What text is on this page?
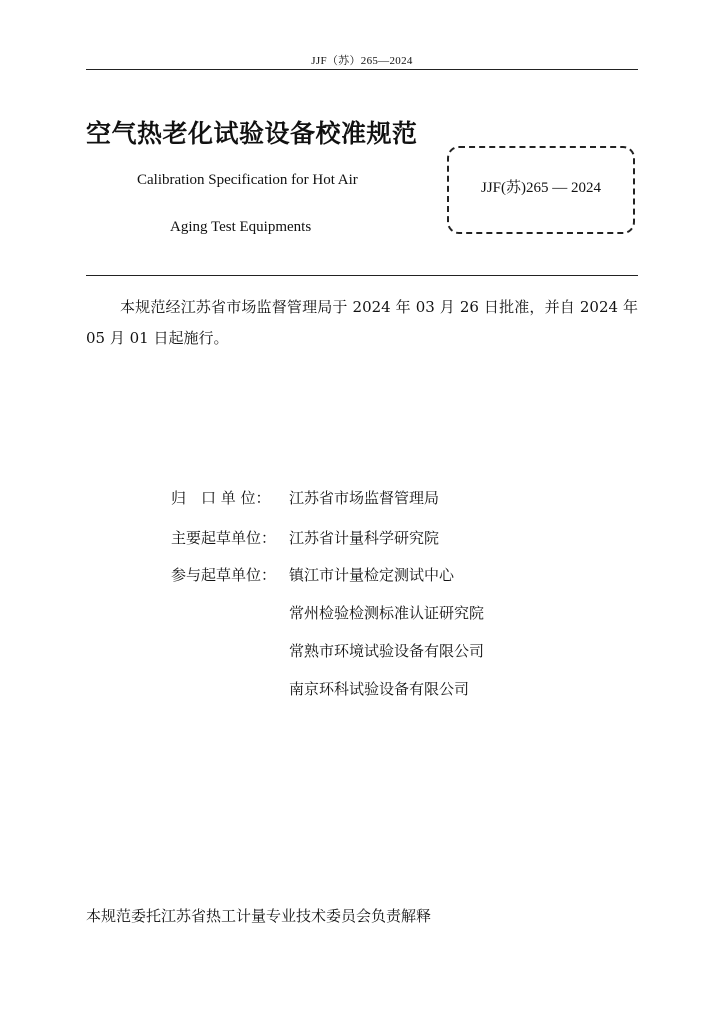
JJF（苏）265—2024
空气热老化试验设备校准规范
Calibration Specification for Hot Air
Aging Test Equipments
JJF(苏)265 — 2024
本规范经江苏省市场监督管理局于 2024 年 03 月 26 日批准，并自 2024 年 05 月 01 日起施行。
归　口 单 位： 江苏省市场监督管理局
主要起草单位： 江苏省计量科学研究院
参与起草单位： 镇江市计量检定测试中心
常州检验检测标准认证研究院
常熟市环境试验设备有限公司
南京环科试验设备有限公司
本规范委托江苏省热工计量专业技术委员会负责解释
